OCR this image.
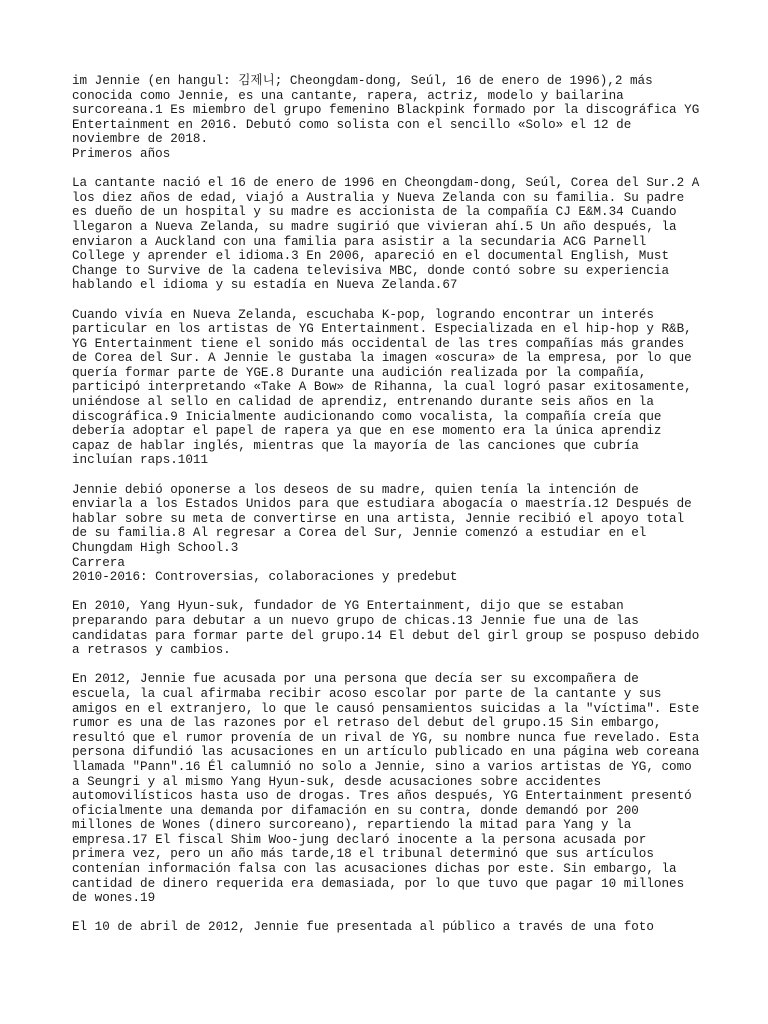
im Jennie (en hangul: 김제니; Cheongdam-dong, Seúl, 16 de enero de 1996),2 más
conocida como Jennie, es una cantante, rapera, actriz, modelo y bailarina
surcoreana.1 Es miembro del grupo femenino Blackpink formado por la discográfica YG
Entertainment en 2016. Debutó como solista con el sencillo «Solo» el 12 de
noviembre de 2018.
Primeros años
La cantante nació el 16 de enero de 1996 en Cheongdam-dong, Seúl, Corea del Sur.2 A
los diez años de edad, viajó a Australia y Nueva Zelanda con su familia. Su padre
es dueño de un hospital y su madre es accionista de la compañía CJ E&M.34 Cuando
llegaron a Nueva Zelanda, su madre sugirió que vivieran ahí.5 Un año después, la
enviaron a Auckland con una familia para asistir a la secundaria ACG Parnell
College y aprender el idioma.3 En 2006, apareció en el documental English, Must
Change to Survive de la cadena televisiva MBC, donde contó sobre su experiencia
hablando el idioma y su estadía en Nueva Zelanda.67
Cuando vivía en Nueva Zelanda, escuchaba K-pop, logrando encontrar un interés
particular en los artistas de YG Entertainment. Especializada en el hip-hop y R&B,
YG Entertainment tiene el sonido más occidental de las tres compañías más grandes
de Corea del Sur. A Jennie le gustaba la imagen «oscura» de la empresa, por lo que
quería formar parte de YGE.8 Durante una audición realizada por la compañía,
participó interpretando «Take A Bow» de Rihanna, la cual logró pasar exitosamente,
uniéndose al sello en calidad de aprendiz, entrenando durante seis años en la
discográfica.9 Inicialmente audicionando como vocalista, la compañía creía que
debería adoptar el papel de rapera ya que en ese momento era la única aprendiz
capaz de hablar inglés, mientras que la mayoría de las canciones que cubría
incluían raps.1011
Jennie debió oponerse a los deseos de su madre, quien tenía la intención de
enviarla a los Estados Unidos para que estudiara abogacía o maestría.12 Después de
hablar sobre su meta de convertirse en una artista, Jennie recibió el apoyo total
de su familia.8 Al regresar a Corea del Sur, Jennie comenzó a estudiar en el
Chungdam High School.3
Carrera
2010-2016: Controversias, colaboraciones y predebut
En 2010, Yang Hyun-suk, fundador de YG Entertainment, dijo que se estaban
preparando para debutar a un nuevo grupo de chicas.13 Jennie fue una de las
candidatas para formar parte del grupo.14 El debut del girl group se pospuso debido
a retrasos y cambios.
En 2012, Jennie fue acusada por una persona que decía ser su excompañera de
escuela, la cual afirmaba recibir acoso escolar por parte de la cantante y sus
amigos en el extranjero, lo que le causó pensamientos suicidas a la "víctima". Este
rumor es una de las razones por el retraso del debut del grupo.15 Sin embargo,
resultó que el rumor provenía de un rival de YG, su nombre nunca fue revelado. Esta
persona difundió las acusaciones en un artículo publicado en una página web coreana
llamada "Pann".16 Él calumnió no solo a Jennie, sino a varios artistas de YG, como
a Seungri y al mismo Yang Hyun-suk, desde acusaciones sobre accidentes
automovilísticos hasta uso de drogas. Tres años después, YG Entertainment presentó
oficialmente una demanda por difamación en su contra, donde demandó por 200
millones de Wones (dinero surcoreano), repartiendo la mitad para Yang y la
empresa.17 El fiscal Shim Woo-jung declaró inocente a la persona acusada por
primera vez, pero un año más tarde,18 el tribunal determinó que sus artículos
contenían información falsa con las acusaciones dichas por este. Sin embargo, la
cantidad de dinero requerida era demasiada, por lo que tuvo que pagar 10 millones
de wones.19
El 10 de abril de 2012, Jennie fue presentada al público a través de una foto
